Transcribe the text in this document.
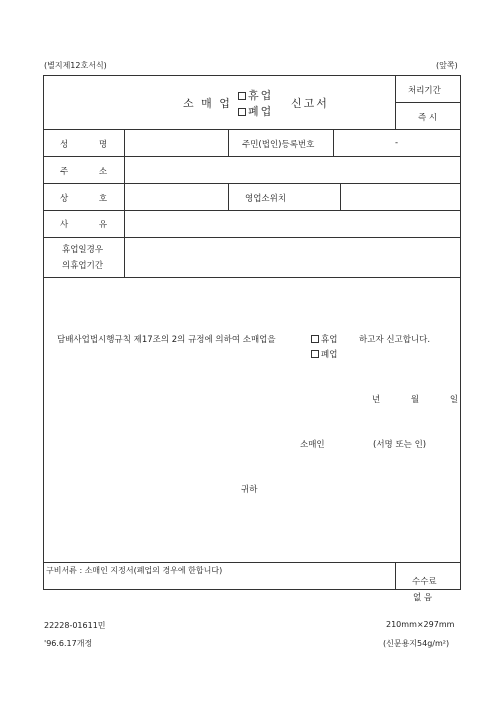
(별지제12호서식)	(앞쪽)
소 매 업
휴업
폐업
신고서
처리기간
즉 시
성 명	주민(법인)등록번호	-
주 소
상 호	영업소위치
사 유
휴업일경우
의휴업기간
담배사업법시행규칙 제17조의 2의 규정에 의하여 소매업을	휴업
폐업
하고자 신고합니다.
년 월 일
소매인	(서명 또는 인)
귀하
구비서류 : 소매인 지정서(폐업의 경우에 한합니다)
수수료
없 음
22228-01611민	210mm×297mm
'96.6.17개정	(신문용지54g/m²)
